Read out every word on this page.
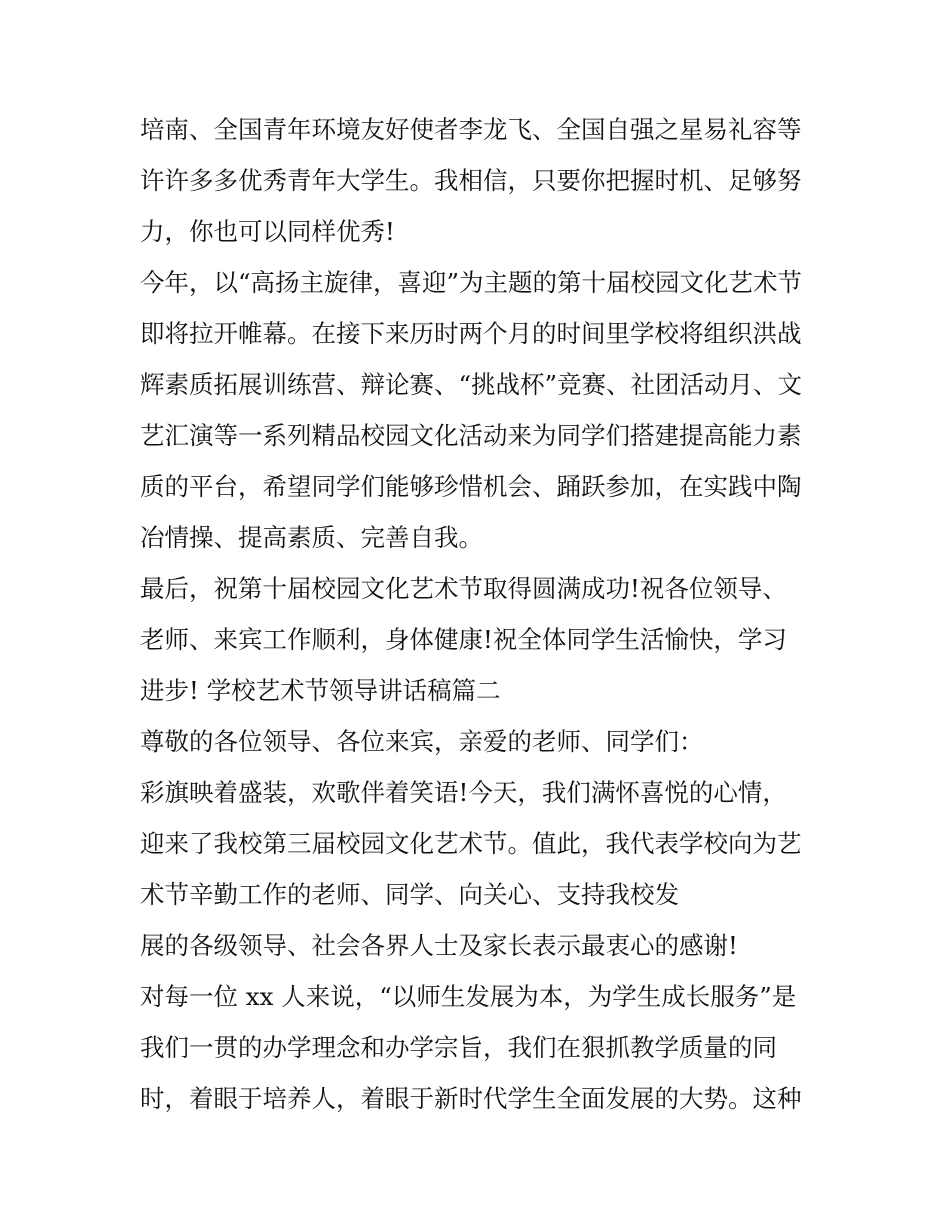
培南、全国青年环境友好使者李龙飞、全国自强之星易礼容等

许许多多优秀青年大学生。我相信，只要你把握时机、足够努

力，你也可以同样优秀!

今年，以“高扬主旋律，喜迎”为主题的第十届校园文化艺术节

即将拉开帷幕。在接下来历时两个月的时间里学校将组织洪战

辉素质拓展训练营、辩论赛、“挑战杯”竞赛、社团活动月、文

艺汇演等一系列精品校园文化活动来为同学们搭建提高能力素

质的平台，希望同学们能够珍惜机会、踊跃参加，在实践中陶

冶情操、提高素质、完善自我。

最后，祝第十届校园文化艺术节取得圆满成功!祝各位领导、

老师、来宾工作顺利，身体健康!祝全体同学生活愉快，学习

进步! 学校艺术节领导讲话稿篇二

尊敬的各位领导、各位来宾，亲爱的老师、同学们：

彩旗映着盛装，欢歌伴着笑语!今天，我们满怀喜悦的心情，

迎来了我校第三届校园文化艺术节。值此，我代表学校向为艺

术节辛勤工作的老师、同学、向关心、支持我校发

展的各级领导、社会各界人士及家长表示最衷心的感谢!

对每一位 xx 人来说，“以师生发展为本，为学生成长服务”是

我们一贯的办学理念和办学宗旨，我们在狠抓教学质量的同

时，着眼于培养人，着眼于新时代学生全面发展的大势。这种
